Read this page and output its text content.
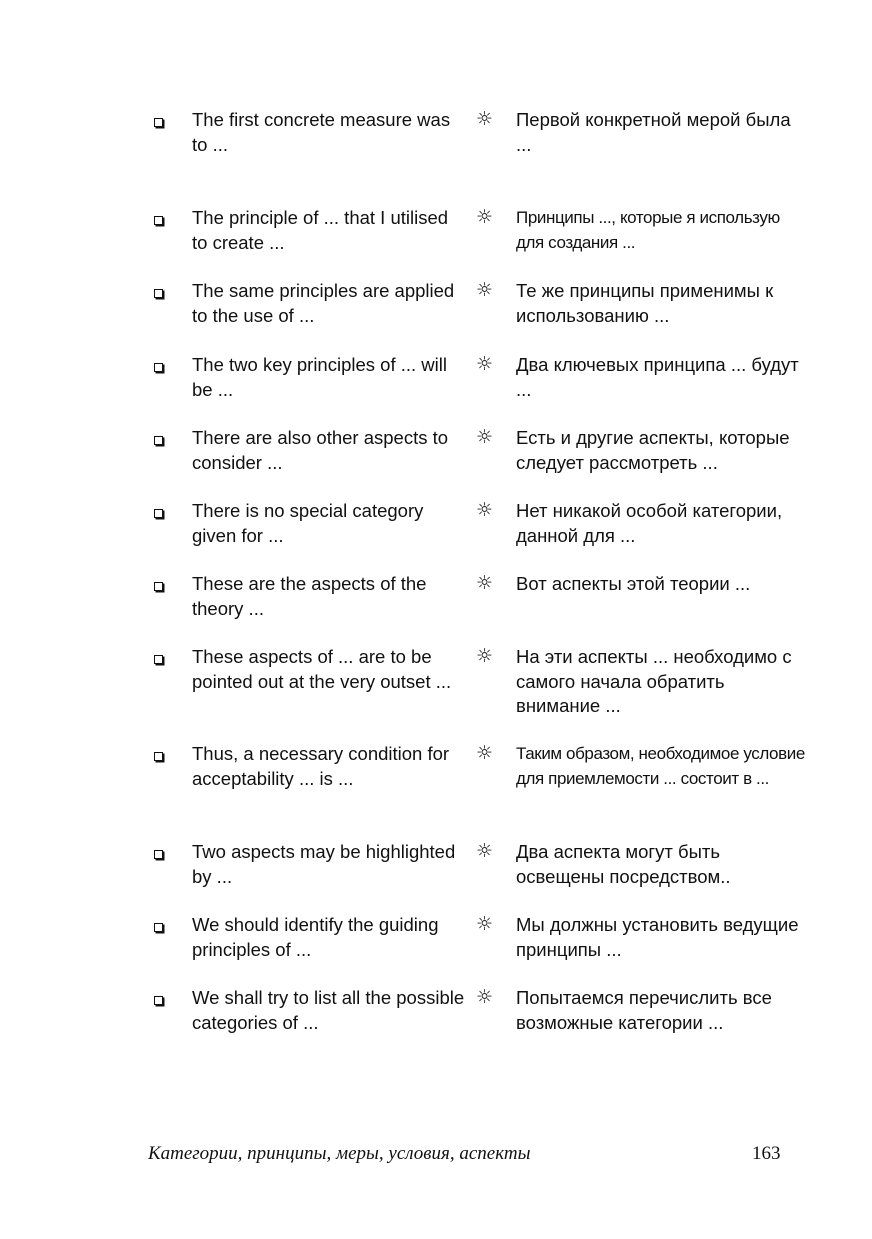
The first concrete measure was to ...
☼ Первой конкретной мерой была ...
The principle of ... that I utilised to create ...
☼ Принципы ..., которые я использую для создания ...
The same principles are applied to the use of ...
☼ Те же принципы применимы к использованию ...
The two key principles of ... will be ...
☼ Два ключевых принципа ... будут ...
There are also other aspects to consider ...
☼ Есть и другие аспекты, которые следует рассмотреть ...
There is no special category given for ...
☼ Нет никакой особой категории, данной для ...
These are the aspects of the theory ...
☼ Вот аспекты этой теории ...
These aspects of ... are to be pointed out at the very outset ...
☼ На эти аспекты ... необходимо с самого начала обратить внимание ...
Thus, a necessary condition for acceptability ... is ...
☼ Таким образом, необходимое условие для приемлемости ... состоит в ...
Two aspects may be highlighted by ...
☼ Два аспекта могут быть освещены посредством..
We should identify the guiding principles of ...
☼ Мы должны установить ведущие принципы ...
We shall try to list all the possible categories of ...
☼ Попытаемся перечислить все возможные категории ...
Категории, принципы, меры, условия, аспекты	163
